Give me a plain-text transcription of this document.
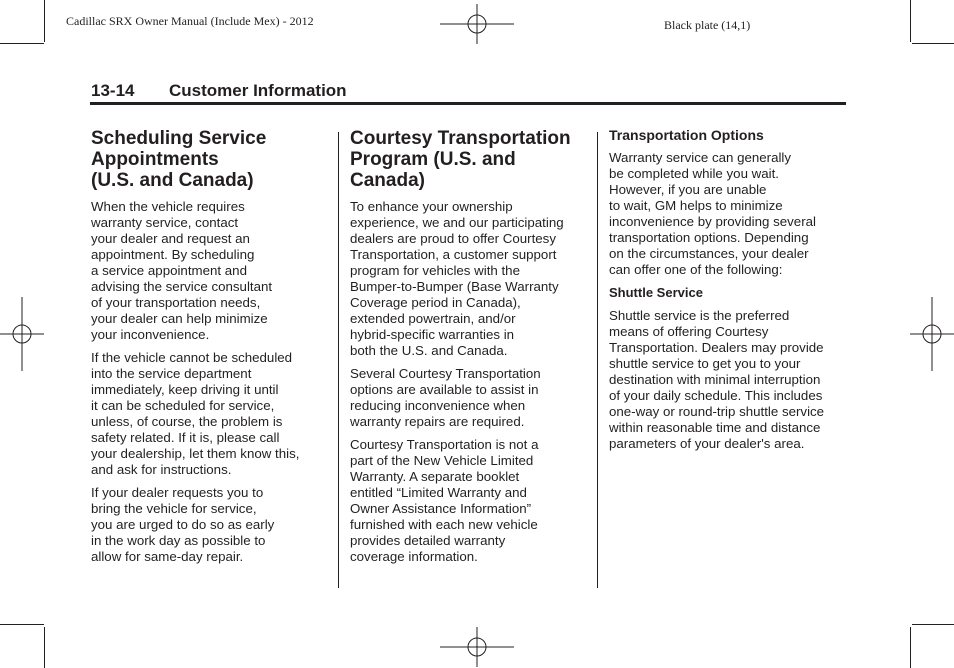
Cadillac SRX Owner Manual (Include Mex) - 2012	Black plate (14,1)
13-14 Customer Information
Scheduling Service
Appointments
(U.S. and Canada)
When the vehicle requires
warranty service, contact
your dealer and request an
appointment. By scheduling
a service appointment and
advising the service consultant
of your transportation needs,
your dealer can help minimize
your inconvenience.
If the vehicle cannot be scheduled
into the service department
immediately, keep driving it until
it can be scheduled for service,
unless, of course, the problem is
safety related. If it is, please call
your dealership, let them know this,
and ask for instructions.
If your dealer requests you to
bring the vehicle for service,
you are urged to do so as early
in the work day as possible to
allow for same-day repair.
Courtesy Transportation
Program (U.S. and
Canada)
To enhance your ownership
experience, we and our participating
dealers are proud to offer Courtesy
Transportation, a customer support
program for vehicles with the
Bumper-to-Bumper (Base Warranty
Coverage period in Canada),
extended powertrain, and/or
hybrid-specific warranties in
both the U.S. and Canada.
Several Courtesy Transportation
options are available to assist in
reducing inconvenience when
warranty repairs are required.
Courtesy Transportation is not a
part of the New Vehicle Limited
Warranty. A separate booklet
entitled “Limited Warranty and
Owner Assistance Information”
furnished with each new vehicle
provides detailed warranty
coverage information.
Transportation Options
Warranty service can generally
be completed while you wait.
However, if you are unable
to wait, GM helps to minimize
inconvenience by providing several
transportation options. Depending
on the circumstances, your dealer
can offer one of the following:
Shuttle Service
Shuttle service is the preferred
means of offering Courtesy
Transportation. Dealers may provide
shuttle service to get you to your
destination with minimal interruption
of your daily schedule. This includes
one-way or round-trip shuttle service
within reasonable time and distance
parameters of your dealer's area.
